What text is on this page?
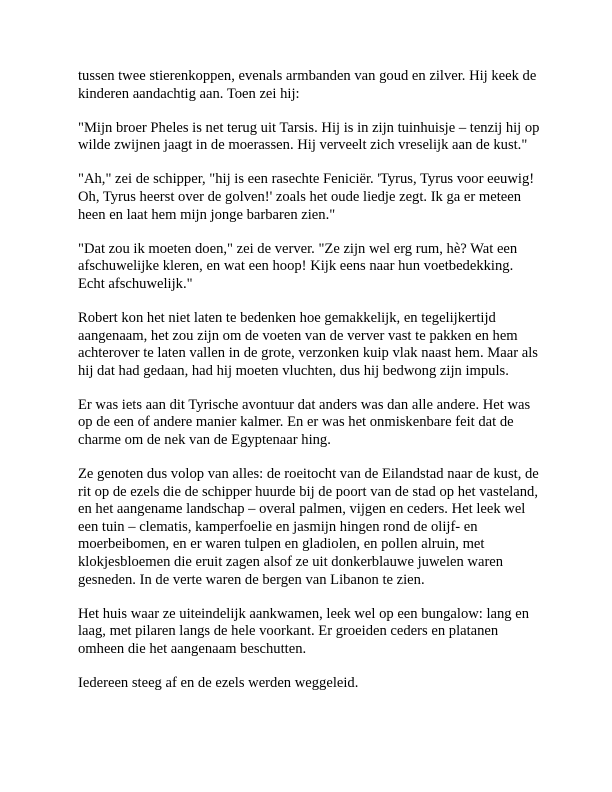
tussen twee stierenkoppen, evenals armbanden van goud en zilver. Hij keek de kinderen aandachtig aan. Toen zei hij:

"Mijn broer Pheles is net terug uit Tarsis. Hij is in zijn tuinhuisje – tenzij hij op wilde zwijnen jaagt in de moerassen. Hij verveelt zich vreselijk aan de kust."

"Ah," zei de schipper, "hij is een rasechte Feniciër. 'Tyrus, Tyrus voor eeuwig! Oh, Tyrus heerst over de golven!' zoals het oude liedje zegt. Ik ga er meteen heen en laat hem mijn jonge barbaren zien."

"Dat zou ik moeten doen," zei de verver. "Ze zijn wel erg rum, hè? Wat een afschuwelijke kleren, en wat een hoop! Kijk eens naar hun voetbedekking. Echt afschuwelijk."

Robert kon het niet laten te bedenken hoe gemakkelijk, en tegelijkertijd aangenaam, het zou zijn om de voeten van de verver vast te pakken en hem achterover te laten vallen in de grote, verzonken kuip vlak naast hem. Maar als hij dat had gedaan, had hij moeten vluchten, dus hij bedwong zijn impuls.

Er was iets aan dit Tyrische avontuur dat anders was dan alle andere. Het was op de een of andere manier kalmer. En er was het onmiskenbare feit dat de charme om de nek van de Egyptenaar hing.

Ze genoten dus volop van alles: de roeitocht van de Eilandstad naar de kust, de rit op de ezels die de schipper huurde bij de poort van de stad op het vasteland, en het aangename landschap – overal palmen, vijgen en ceders. Het leek wel een tuin – clematis, kamperfoelie en jasmijn hingen rond de olijf- en moerbeibomen, en er waren tulpen en gladiolen, en pollen alruin, met klokjesbloemen die eruit zagen alsof ze uit donkerblauwe juwelen waren gesneden. In de verte waren de bergen van Libanon te zien.

Het huis waar ze uiteindelijk aankwamen, leek wel op een bungalow: lang en laag, met pilaren langs de hele voorkant. Er groeiden ceders en platanen omheen die het aangenaam beschutten.

Iedereen steeg af en de ezels werden weggeleid.
